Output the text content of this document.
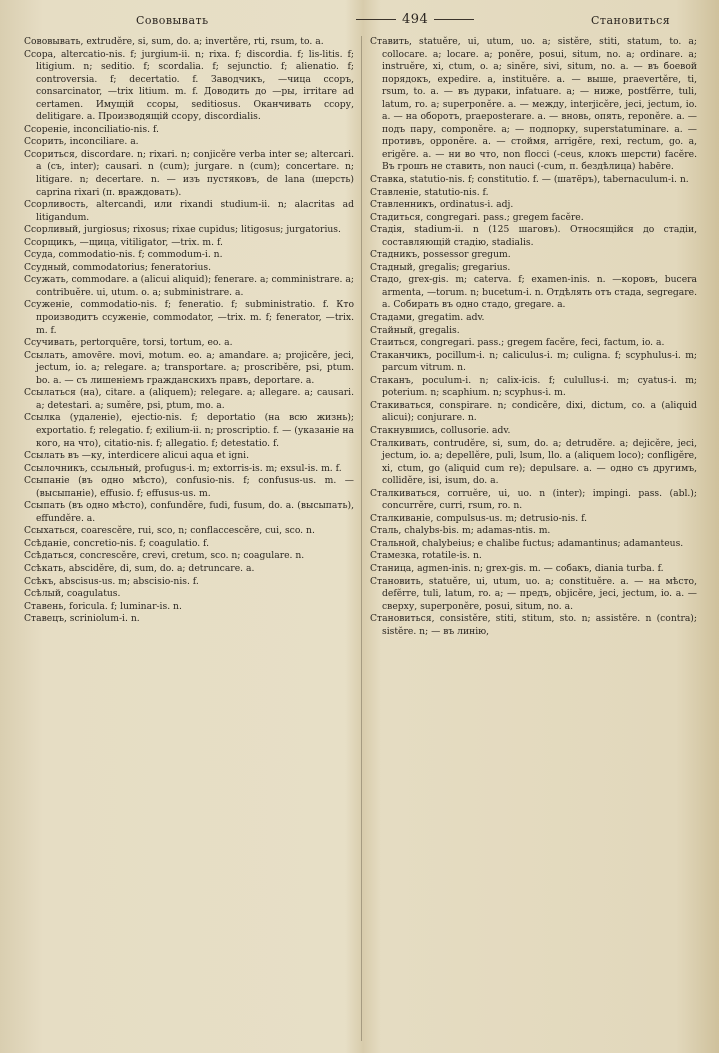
Сововывать	494	Становиться

Сововывать, extrudĕre, si, sum, do. a; invertĕre, rti, rsum, to. a.

Ссора, altercatio-nis. f; jurgium-ii. n; rixa. f; discordia. f; lis-litis. f; litigium. n; seditio. f; scordalia. f; sejunctio. f; alienatio. f; controversia. f; decertatio. f. Заводчикъ, —чица ссоръ, consarcinator, —trix litium. m. f. Доводить до —ры, irritare ad certamen. Имущій ссоры, seditiosus. Оканчивать ссору, delitigare. a. Производящій ссору, discordialis.

Ссореніе, inconciliatio-nis. f.

Ссорить, inconciliare. a.

Ссориться, discordare. n; rixari. n; conjicĕre verba inter se; altercari. a (съ, inter); causari. n (cum); jurgare. n (cum); concertare. n; litigare. n; decertare. n. — изъ пустяковъ, de lana (шерсть) caprina rixari (п. враждовать).

Ссорливость, altercandi, или rixandi studium-ii. n; alacritas ad litigandum.

Ссорливый, jurgiosus; rixosus; rixae cupidus; litigosus; jurgatorius.

Ссорщикъ, —щица, vitiligator, —trix. m. f.

Ссуда, commodatio-nis. f; commodum-i. n.

Ссудный, commodatorius; feneratorius.

Ссужать, commodare. a (alicui aliquid); fenerare. a; comministrare. a; contribuĕre. ui, utum. o. a; subministrare. a.

Ссуженіе, commodatio-nis. f; feneratio. f; subministratio. f. Кто производитъ ссуженіе, commodator, —trix. m. f; fenerator, —trix. m. f.

Ссучивать, pertorquēre, torsi, tortum, eo. a.

Ссылать, amovēre. movi, motum. eo. a; amandare. a; projicĕre, jeci, jectum, io. a; relegare. a; transportare. a; proscribĕre, psi, ptum. bo. a. — съ лишеніемъ гражданскихъ правъ, deportare. a.

Ссылаться (на), citare. a (aliquem); relegare. a; allegare. a; causari. a; detestari. a; sumĕre, psi, ptum, mo. a.

Ссылка (удаленіе), ejectio-nis. f; deportatio (на всю жизнь); exportatio. f; relegatio. f; exilium-ii. n; proscriptio. f. — (указаніе на кого, на что), citatio-nis. f; allegatio. f; detestatio. f.

Ссылать въ —ку, interdicere alicui aqua et igni.

Ссылочникъ, ссыльный, profugus-i. m; extorris-is. m; exsul-is. m. f.

Ссыпаніе (въ одно мѣсто), confusio-nis. f; confusus-us. m. — (высыпаніе), effusio. f; effusus-us. m.

Ссыпать (въ одно мѣсто), confundĕre, fudi, fusum, do. a. (высыпать), effundĕre. a.

Ссыхаться, coarescĕre, rui, sco, n; conflaccescĕre, cui, sco. n.

Ссѣданіе, concretio-nis. f; coagulatio. f.

Ссѣдаться, concrescĕre, crevi, cretum, sco. n; coagulare. n.

Ссѣкать, abscidĕre, di, sum, do. a; detruncare. a.

Ссѣкъ, abscisus-us. m; abscisio-nis. f.

Ссѣлый, coagulatus.

Ставень, foricula. f; luminar-is. n.

Ставецъ, scriniolum-i. n.

Ставить, statuĕre, ui, utum, uo. a; sistĕre, stiti, statum, to. a; collocare. a; locare. a; ponĕre, posui, situm, no. a; ordinare. a; instruĕre, xi, ctum, o. a; sinĕre, sivi, situm, no. a. — въ боевой порядокъ, expedire. a, instituĕre. a. — выше, praevertĕre, ti, rsum, to. a. — въ дураки, infatuare. a; — ниже, postfĕrre, tuli, latum, ro. a; superponĕre. a. — между, interjicĕre, jeci, jectum, io. a. — на оборотъ, praeposterare. a. — вновь, опять, reponĕre. a. — подъ пару, componĕre. a; — подпорку, superstatuminare. a. — противъ, opponĕre. a. — стоймя, arrigĕre, rexi, rectum, go. a, erigĕre. a. — ни во что, non flocci (-ceus, клокъ шерсти) facĕre. Въ грошъ не ставить, non nauci (-cum, п. бездѣлица) habēre.

Ставка, statutio-nis. f; constitutio. f. — (шатёръ), tabernaculum-i. n.

Ставленіе, statutio-nis. f.

Ставленникъ, ordinatus-i. adj.

Стадиться, congregari. pass.; gregem facĕre.

Стадія, stadium-ii. n (125 шаговъ). Относящійся до стадіи, составляющій стадію, stadialis.

Стадникъ, possessor gregum.

Стадный, gregalis; gregarius.

Стадо, grex-gis. m; caterva. f; examen-inis. n. —коровъ, bucera armenta, —torum. n; bucetum-i. n. Отдѣлять отъ стада, segregare. a. Собирать въ одно стадо, gregare. a.

Стадами, gregatim. adv.

Стайный, gregalis.

Стаиться, congregari. pass.; gregem facĕre, feci, factum, io. a.

Стаканчикъ, pocillum-i. n; caliculus-i. m; culigna. f; scyphulus-i. m; parcum vitrum. n.

Стаканъ, poculum-i. n; calix-icis. f; culullus-i. m; cyatus-i. m; poterium. n; scaphium. n; scyphus-i. m.

Стакиваться, conspirare. n; condicĕre, dixi, dictum, co. a (aliquid alicui); conjurare. n.

Стакнувшись, collusorie. adv.

Сталкивать, contrudĕre, si, sum, do. a; detrudĕre. a; dejicĕre, jeci, jectum, io. a; depellĕre, puli, lsum, llo. a (aliquem loco); confligĕre, xi, ctum, go (aliquid cum re); depulsare. a. — одно съ другимъ, collidĕre, isi, isum, do. a.

Сталкиваться, corruĕre, ui, uo. n (inter); impingi. pass. (abl.); concurrĕre, curri, rsum, ro. n.

Сталкиваніе, compulsus-us. m; detrusio-nis. f.

Сталь, chalybs-bis. m; adamas-ntis. m.

Стальной, chalybeius; e chalibe fuctus; adamantinus; adamanteus.

Стамезка, rotatile-is. n.

Станица, agmen-inis. n; grex-gis. m. — собакъ, diania turba. f.

Становить, statuĕre, ui, utum, uo. a; constituĕre. a. — на мѣсто, defĕrre, tuli, latum, ro. a; — предъ, objicĕre, jeci, jectum, io. a. — сверху, superponĕre, posui, situm, no. a.

Становиться, consistĕre, stiti, stitum, sto. n; assistĕre. n (contra); sistĕre. n; — въ линію,
